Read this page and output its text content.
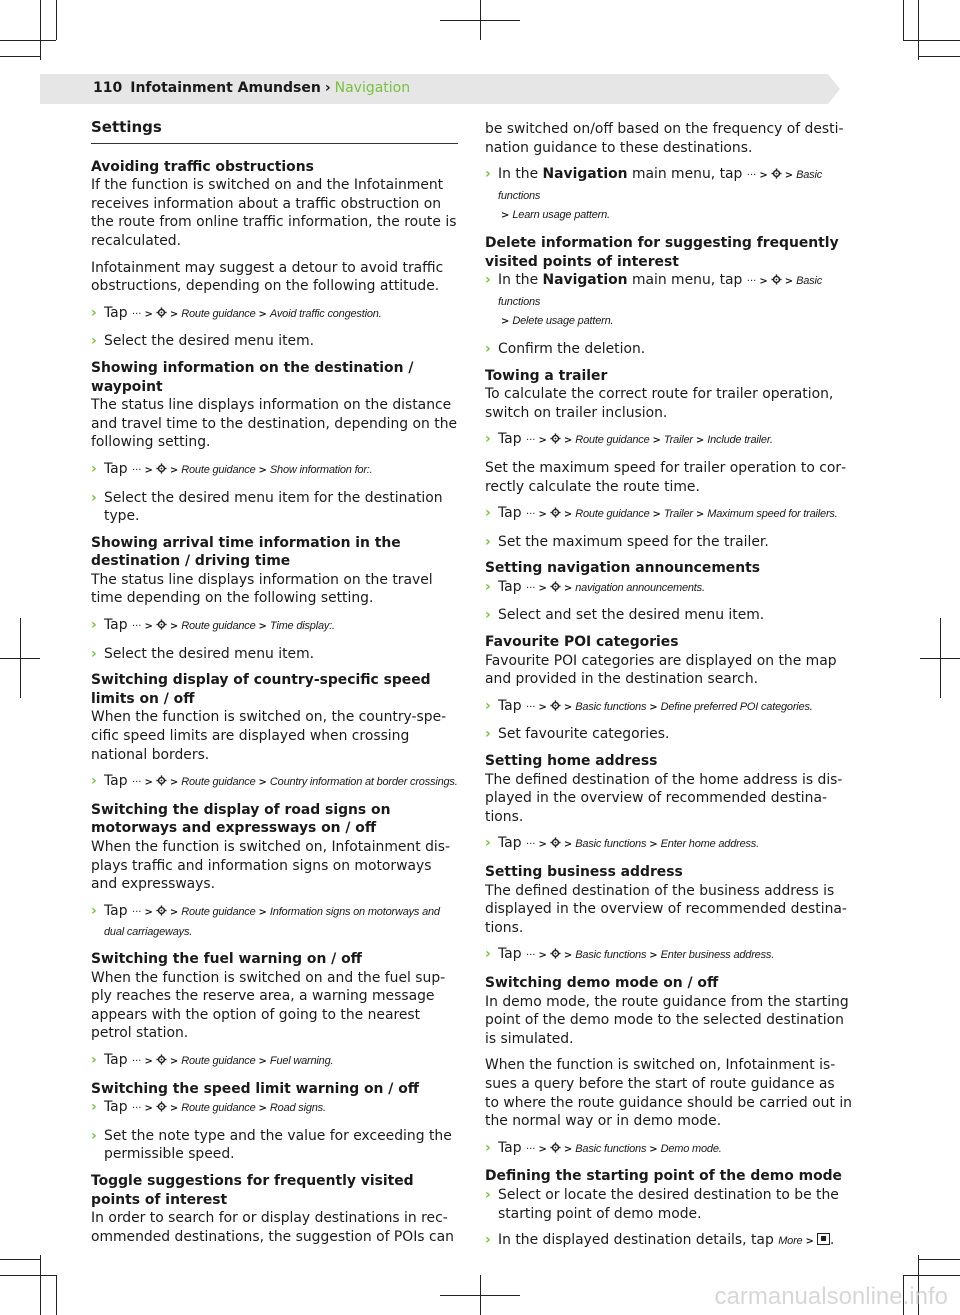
110 Infotainment Amundsen › Navigation
Settings

Avoiding traffic obstructions

If the function is switched on and the Infotainment receives information about a traffic obstruction on the route from online traffic information, the route is recalculated.

Infotainment may suggest a detour to avoid traffic obstructions, depending on the following attitude.

› Tap ··· > > Route guidance > Avoid traffic congestion.
› Select the desired menu item.

Showing information on the destination / waypoint

The status line displays information on the distance and travel time to the destination, depending on the following setting.

› Tap ··· > > Route guidance > Show information for:.
› Select the desired menu item for the destination type.

Showing arrival time information in the destination / driving time

The status line displays information on the travel time depending on the following setting.

› Tap ··· > > Route guidance > Time display:.
› Select the desired menu item.

Switching display of country-specific speed limits on / off

When the function is switched on, the country-specific speed limits are displayed when crossing national borders.

› Tap ··· > > Route guidance > Country information at border crossings.

Switching the display of road signs on motorways and expressways on / off

When the function is switched on, Infotainment displays traffic and information signs on motorways and expressways.

› Tap ··· > > Route guidance > Information signs on motorways and dual carriageways.

Switching the fuel warning on / off

When the function is switched on and the fuel supply reaches the reserve area, a warning message appears with the option of going to the nearest petrol station.

› Tap ··· > > Route guidance > Fuel warning.

Switching the speed limit warning on / off

› Tap ··· > > Route guidance > Road signs.
› Set the note type and the value for exceeding the permissible speed.

Toggle suggestions for frequently visited points of interest

In order to search for or display destinations in recommended destinations, the suggestion of POIs can

be switched on/off based on the frequency of destination guidance to these destinations.

› In the Navigation main menu, tap ··· > > Basic functions
> Learn usage pattern.

Delete information for suggesting frequently visited points of interest

› In the Navigation main menu, tap ··· > > Basic functions
> Delete usage pattern.
› Confirm the deletion.

Towing a trailer

To calculate the correct route for trailer operation, switch on trailer inclusion.

› Tap ··· > > Route guidance > Trailer > Include trailer.

Set the maximum speed for trailer operation to correctly calculate the route time.

› Tap ··· > > Route guidance > Trailer > Maximum speed for trailers.
› Set the maximum speed for the trailer.

Setting navigation announcements

› Tap ··· > > navigation announcements.
› Select and set the desired menu item.

Favourite POI categories

Favourite POI categories are displayed on the map and provided in the destination search.

› Tap ··· > > Basic functions > Define preferred POI categories.
› Set favourite categories.

Setting home address

The defined destination of the home address is displayed in the overview of recommended destinations.

› Tap ··· > > Basic functions > Enter home address.

Setting business address

The defined destination of the business address is displayed in the overview of recommended destinations.

› Tap ··· > > Basic functions > Enter business address.

Switching demo mode on / off

In demo mode, the route guidance from the starting point of the demo mode to the selected destination is simulated.

When the function is switched on, Infotainment issues a query before the start of route guidance as to where the route guidance should be carried out in the normal way or in demo mode.

› Tap ··· > > Basic functions > Demo mode.

Defining the starting point of the demo mode

› Select or locate the desired destination to be the starting point of demo mode.
› In the displayed destination details, tap More > .
carmanualsonline.info
